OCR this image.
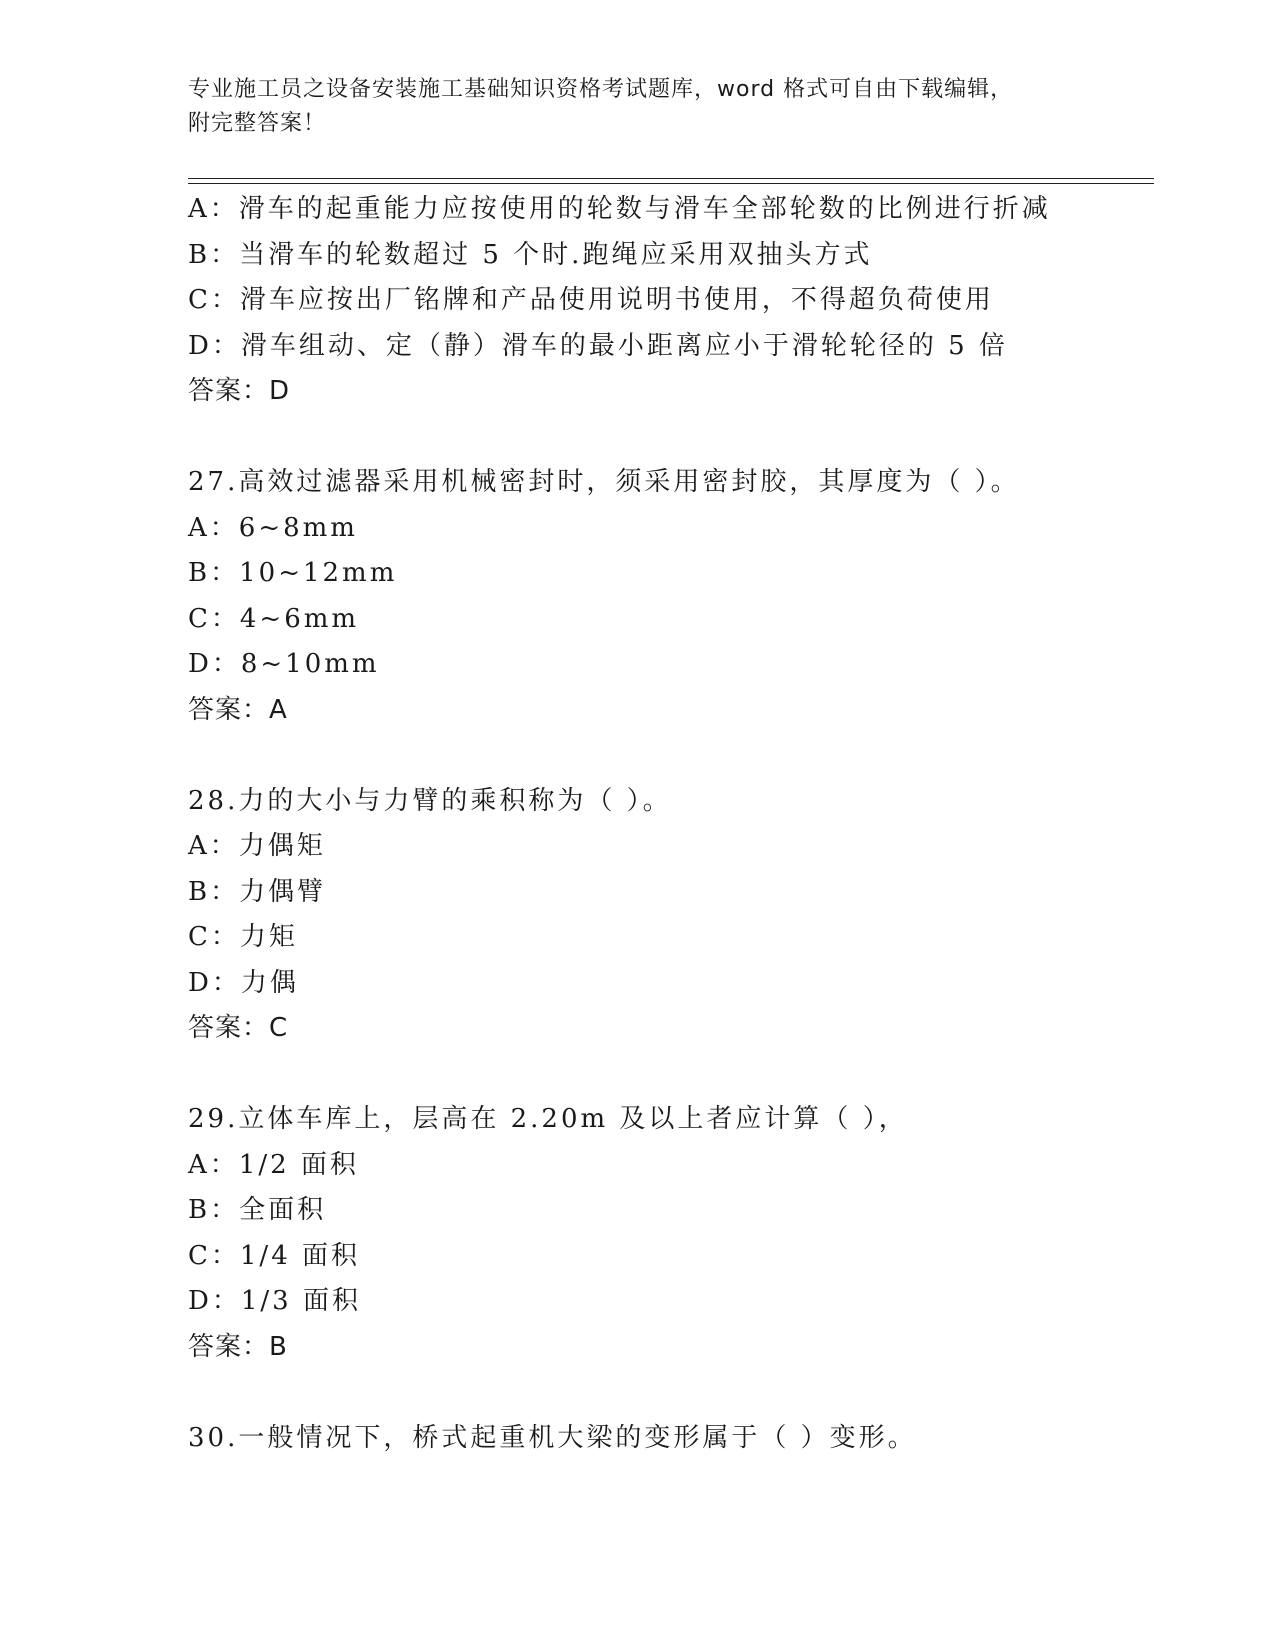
专业施工员之设备安装施工基础知识资格考试题库，word 格式可自由下载编辑，

附完整答案！

A：滑车的起重能力应按使用的轮数与滑车全部轮数的比例进行折减
B：当滑车的轮数超过 5 个时.跑绳应采用双抽头方式
C：滑车应按出厂铭牌和产品使用说明书使用，不得超负荷使用
D：滑车组动、定（静）滑车的最小距离应小于滑轮轮径的 5 倍
答案：D
27.高效过滤器采用机械密封时，须采用密封胶，其厚度为（ ）。
A：6~8mm
B：10~12mm
C：4~6mm
D：8~10mm
答案：A
28.力的大小与力臂的乘积称为（ ）。
A：力偶矩
B：力偶臂
C：力矩
D：力偶
答案：C
29.立体车库上，层高在 2.20m 及以上者应计算（ ），
A：1/2 面积
B：全面积
C：1/4 面积
D：1/3 面积
答案：B
30.一般情况下，桥式起重机大梁的变形属于（ ）变形。
